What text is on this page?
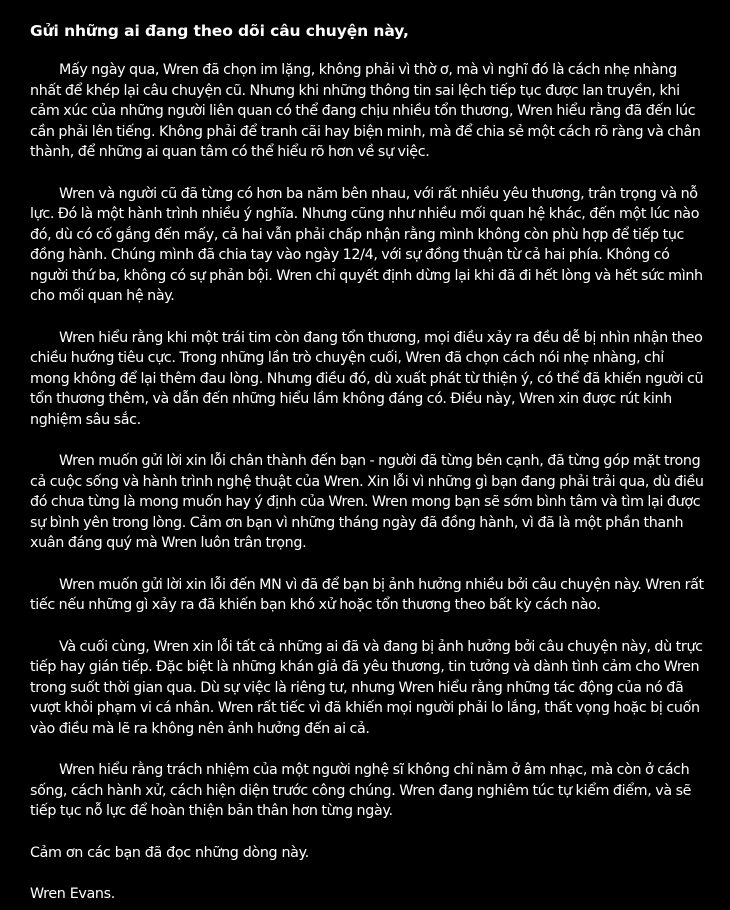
Gửi những ai đang theo dõi câu chuyện này,
Mấy ngày qua, Wren đã chọn im lặng, không phải vì thờ ơ, mà vì nghĩ đó là cách nhẹ nhàng nhất để khép lại câu chuyện cũ. Nhưng khi những thông tin sai lệch tiếp tục được lan truyền, khi cảm xúc của những người liên quan có thể đang chịu nhiều tổn thương, Wren hiểu rằng đã đến lúc cần phải lên tiếng. Không phải để tranh cãi hay biện minh, mà để chia sẻ một cách rõ ràng và chân thành, để những ai quan tâm có thể hiểu rõ hơn về sự việc.
Wren và người cũ đã từng có hơn ba năm bên nhau, với rất nhiều yêu thương, trân trọng và nỗ lực. Đó là một hành trình nhiều ý nghĩa. Nhưng cũng như nhiều mối quan hệ khác, đến một lúc nào đó, dù có cố gắng đến mấy, cả hai vẫn phải chấp nhận rằng mình không còn phù hợp để tiếp tục đồng hành. Chúng mình đã chia tay vào ngày 12/4, với sự đồng thuận từ cả hai phía. Không có người thứ ba, không có sự phản bội. Wren chỉ quyết định dừng lại khi đã đi hết lòng và hết sức mình cho mối quan hệ này.
Wren hiểu rằng khi một trái tim còn đang tổn thương, mọi điều xảy ra đều dễ bị nhìn nhận theo chiều hướng tiêu cực. Trong những lần trò chuyện cuối, Wren đã chọn cách nói nhẹ nhàng, chỉ mong không để lại thêm đau lòng. Nhưng điều đó, dù xuất phát từ thiện ý, có thể đã khiến người cũ tổn thương thêm, và dẫn đến những hiểu lầm không đáng có. Điều này, Wren xin được rút kinh nghiệm sâu sắc.
Wren muốn gửi lời xin lỗi chân thành đến bạn - người đã từng bên cạnh, đã từng góp mặt trong cả cuộc sống và hành trình nghệ thuật của Wren. Xin lỗi vì những gì bạn đang phải trải qua, dù điều đó chưa từng là mong muốn hay ý định của Wren. Wren mong bạn sẽ sớm bình tâm và tìm lại được sự bình yên trong lòng. Cảm ơn bạn vì những tháng ngày đã đồng hành, vì đã là một phần thanh xuân đáng quý mà Wren luôn trân trọng.
Wren muốn gửi lời xin lỗi đến MN vì đã để bạn bị ảnh hưởng nhiều bởi câu chuyện này. Wren rất tiếc nếu những gì xảy ra đã khiến bạn khó xử hoặc tổn thương theo bất kỳ cách nào.
Và cuối cùng, Wren xin lỗi tất cả những ai đã và đang bị ảnh hưởng bởi câu chuyện này, dù trực tiếp hay gián tiếp. Đặc biệt là những khán giả đã yêu thương, tin tưởng và dành tình cảm cho Wren trong suốt thời gian qua. Dù sự việc là riêng tư, nhưng Wren hiểu rằng những tác động của nó đã vượt khỏi phạm vi cá nhân. Wren rất tiếc vì đã khiến mọi người phải lo lắng, thất vọng hoặc bị cuốn vào điều mà lẽ ra không nên ảnh hưởng đến ai cả.
Wren hiểu rằng trách nhiệm của một người nghệ sĩ không chỉ nằm ở âm nhạc, mà còn ở cách sống, cách hành xử, cách hiện diện trước công chúng. Wren đang nghiêm túc tự kiểm điểm, và sẽ tiếp tục nỗ lực để hoàn thiện bản thân hơn từng ngày.
Cảm ơn các bạn đã đọc những dòng này.
Wren Evans.
